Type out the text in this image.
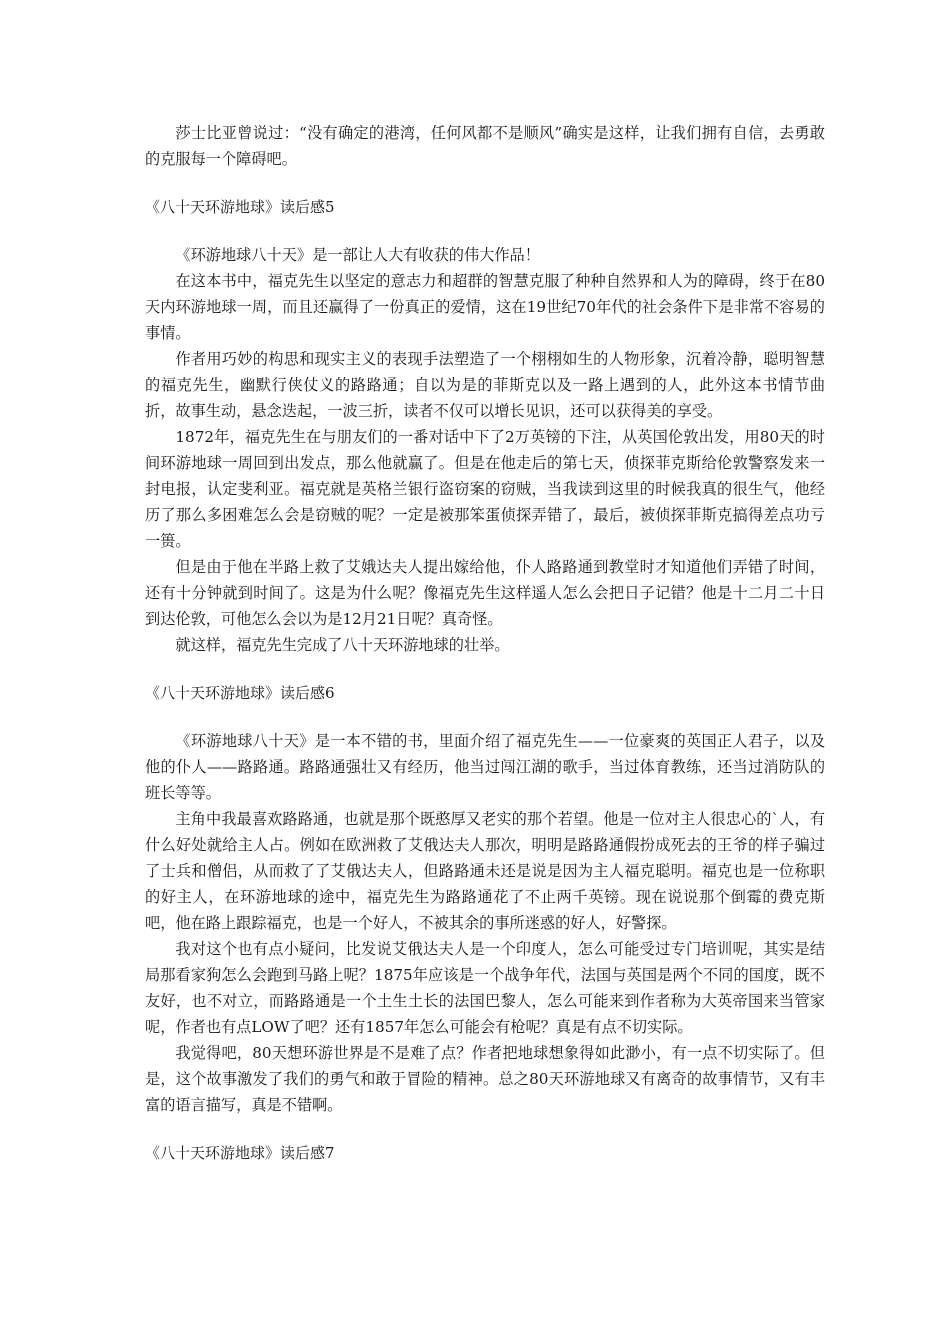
莎士比亚曾说过：“没有确定的港湾，任何风都不是顺风”确实是这样，让我们拥有自信，去勇敢的克服每一个障碍吧。

《八十天环游地球》读后感5

《环游地球八十天》是一部让人大有收获的伟大作品！

在这本书中，福克先生以坚定的意志力和超群的智慧克服了种种自然界和人为的障碍，终于在80天内环游地球一周，而且还赢得了一份真正的爱情，这在19世纪70年代的社会条件下是非常不容易的事情。

作者用巧妙的构思和现实主义的表现手法塑造了一个栩栩如生的人物形象，沉着冷静，聪明智慧的福克先生，幽默行侠仗义的路路通；自以为是的菲斯克以及一路上遇到的人，此外这本书情节曲折，故事生动，悬念迭起，一波三折，读者不仅可以增长见识，还可以获得美的享受。

1872年，福克先生在与朋友们的一番对话中下了2万英镑的下注，从英国伦敦出发，用80天的时间环游地球一周回到出发点，那么他就赢了。但是在他走后的第七天，侦探菲克斯给伦敦警察发来一封电报，认定斐利亚。福克就是英格兰银行盗窃案的窃贼，当我读到这里的时候我真的很生气，他经历了那么多困难怎么会是窃贼的呢？一定是被那笨蛋侦探弄错了，最后，被侦探菲斯克搞得差点功亏一篑。

但是由于他在半路上救了艾娥达夫人提出嫁给他，仆人路路通到教堂时才知道他们弄错了时间，还有十分钟就到时间了。这是为什么呢？像福克先生这样遥人怎么会把日子记错？他是十二月二十日到达伦敦，可他怎么会以为是12月21日呢？真奇怪。

就这样，福克先生完成了八十天环游地球的壮举。

《八十天环游地球》读后感6

《环游地球八十天》是一本不错的书，里面介绍了福克先生——一位豪爽的英国正人君子，以及他的仆人——路路通。路路通强壮又有经历，他当过闯江湖的歌手，当过体育教练，还当过消防队的班长等等。

主角中我最喜欢路路通，也就是那个既憨厚又老实的那个若望。他是一位对主人很忠心的`人，有什么好处就给主人占。例如在欧洲救了艾俄达夫人那次，明明是路路通假扮成死去的王爷的样子骗过了士兵和僧侣，从而救了了艾俄达夫人，但路路通未还是说是因为主人福克聪明。福克也是一位称职的好主人，在环游地球的途中，福克先生为路路通花了不止两千英镑。现在说说那个倒霉的费克斯吧，他在路上跟踪福克，也是一个好人，不被其余的事所迷惑的好人，好警探。

我对这个也有点小疑问，比发说艾俄达夫人是一个印度人，怎么可能受过专门培训呢，其实是结局那看家狗怎么会跑到马路上呢？1875年应该是一个战争年代，法国与英国是两个不同的国度，既不友好，也不对立，而路路通是一个土生土长的法国巴黎人，怎么可能来到作者称为大英帝国来当管家呢，作者也有点LOW了吧？还有1857年怎么可能会有枪呢？真是有点不切实际。

我觉得吧，80天想环游世界是不是难了点？作者把地球想象得如此渺小，有一点不切实际了。但是，这个故事激发了我们的勇气和敢于冒险的精神。总之80天环游地球又有离奇的故事情节，又有丰富的语言描写，真是不错啊。

《八十天环游地球》读后感7
